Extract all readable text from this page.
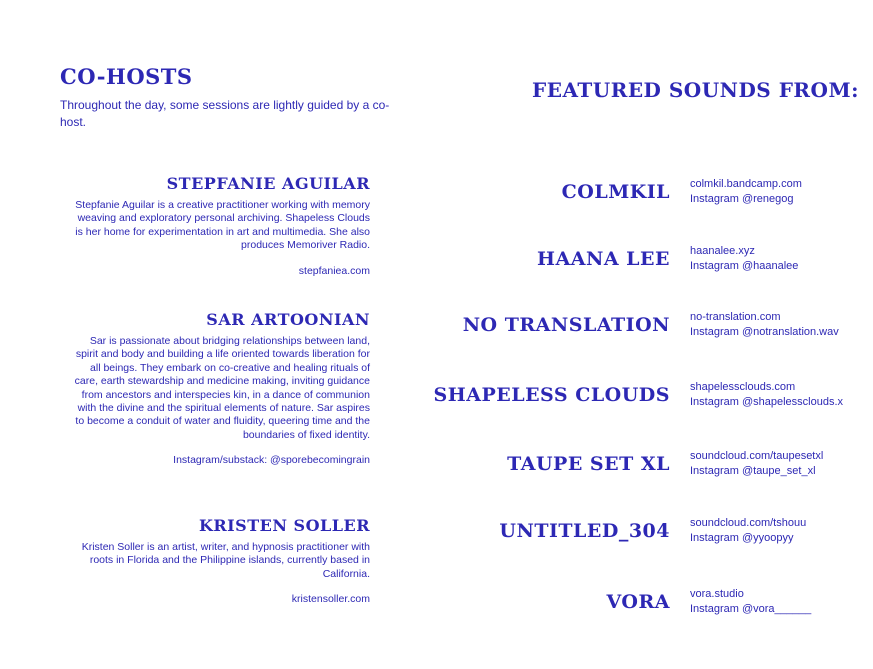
CO-HOSTS

Throughout the day, some sessions are lightly guided by a co-host.

STEPFANIE AGUILAR

Stepfanie Aguilar is a creative practitioner working with memory weaving and exploratory personal archiving. Shapeless Clouds is her home for experimentation in art and multimedia. She also produces Memoriver Radio.

stepfaniea.com

SAR ARTOONIAN

Sar is passionate about bridging relationships between land, spirit and body and building a life oriented towards liberation for all beings. They embark on co-creative and healing rituals of care, earth stewardship and medicine making, inviting guidance from ancestors and interspecies kin, in a dance of communion with the divine and the spiritual elements of nature. Sar aspires to become a conduit of water and fluidity, queering time and the boundaries of fixed identity.

Instagram/substack: @sporebecomingrain

KRISTEN SOLLER

Kristen Soller is an artist, writer, and hypnosis practitioner with roots in Florida and the Philippine islands, currently based in California.

kristensoller.com

FEATURED SOUNDS FROM:
COLMKIL colmkil.bandcamp.com
Instagram @renegog
HAANA LEE haanalee.xyz
Instagram @haanalee
NO TRANSLATION no-translation.com
Instagram @notranslation.wav
SHAPELESS CLOUDS shapelessclouds.com
Instagram @shapelessclouds.x
TAUPE SET XL soundcloud.com/taupesetxl
Instagram @taupe_set_xl
UNTITLED_304 soundcloud.com/tshouu
Instagram @yyoopyy
VORA vora.studio
Instagram @vora______
